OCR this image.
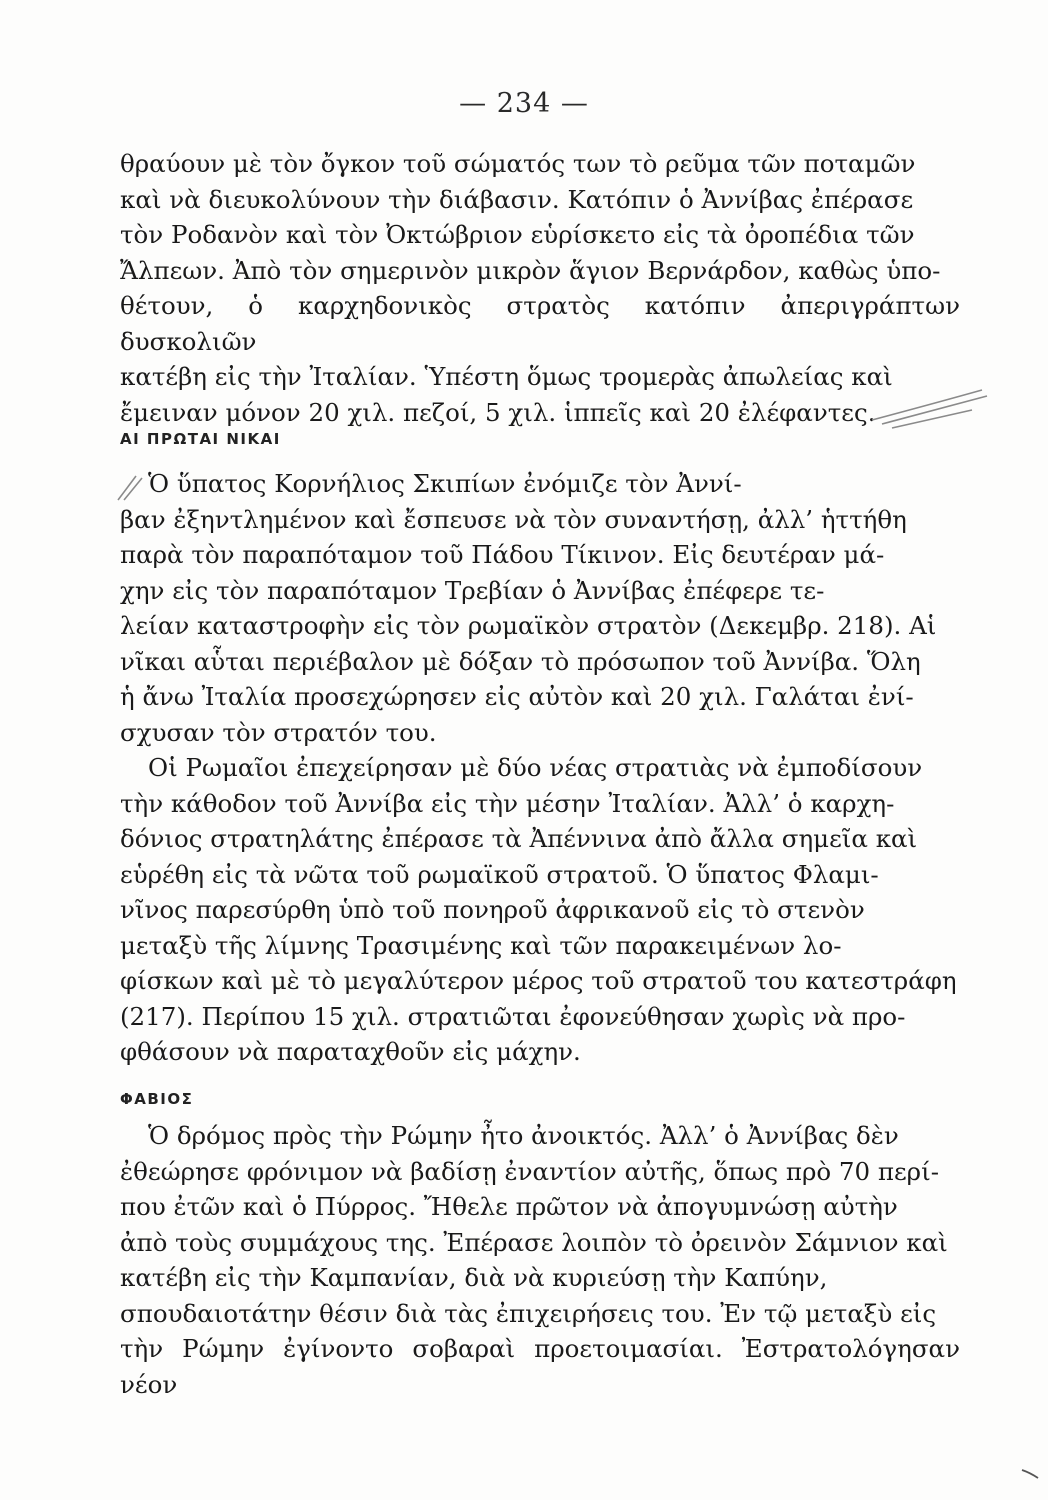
— 234 —

θραύουν μὲ τὸν ὄγκον τοῦ σώματός των τὸ ρεῦμα τῶν ποταμῶν

καὶ νὰ διευκολύνουν τὴν διάβασιν. Κατόπιν ὁ Ἀννίβας ἐπέρασε

τὸν Ροδανὸν καὶ τὸν Ὀκτώβριον εὑρίσκετο εἰς τὰ ὀροπέδια τῶν

Ἄλπεων. Ἀπὸ τὸν σημερινὸν μικρὸν ἅγιον Βερνάρδον, καθὼς ὑπο-

θέτουν, ὁ καρχηδονικὸς στρατὸς κατόπιν ἀπεριγράπτων δυσκολιῶν

κατέβη εἰς τὴν Ἰταλίαν. Ὑπέστη ὅμως τρομερὰς ἀπωλείας καὶ

ἔμειναν μόνον 20 χιλ. πεζοί, 5 χιλ. ἱππεῖς καὶ 20 ἐλέφαντες.

ΑΙ ΠΡΩΤΑΙ ΝΙΚΑΙ

Ὁ ὕπατος Κορνήλιος Σκιπίων ἐνόμιζε τὸν Ἀννί-

βαν ἐξηντλημένον καὶ ἔσπευσε νὰ τὸν συναντήσῃ, ἀλλ’ ἡττήθη

παρὰ τὸν παραπόταμον τοῦ Πάδου Τίκινον. Εἰς δευτέραν μά-

χην εἰς τὸν παραπόταμον Τρεβίαν ὁ Ἀννίβας ἐπέφερε τε-

λείαν καταστροφὴν εἰς τὸν ρωμαϊκὸν στρατὸν (Δεκεμβρ. 218). Αἱ

νῖκαι αὗται περιέβαλον μὲ δόξαν τὸ πρόσωπον τοῦ Ἀννίβα. Ὅλη

ἡ ἄνω Ἰταλία προσεχώρησεν εἰς αὐτὸν καὶ 20 χιλ. Γαλάται ἐνί-

σχυσαν τὸν στρατόν του.

Οἱ Ρωμαῖοι ἐπεχείρησαν μὲ δύο νέας στρατιὰς νὰ ἐμποδίσουν

τὴν κάθοδον τοῦ Ἀννίβα εἰς τὴν μέσην Ἰταλίαν. Ἀλλ’ ὁ καρχη-

δόνιος στρατηλάτης ἐπέρασε τὰ Ἀπέννινα ἀπὸ ἄλλα σημεῖα καὶ

εὑρέθη εἰς τὰ νῶτα τοῦ ρωμαϊκοῦ στρατοῦ. Ὁ ὕπατος Φλαμι-

νῖνος παρεσύρθη ὑπὸ τοῦ πονηροῦ ἀφρικανοῦ εἰς τὸ στενὸν

μεταξὺ τῆς λίμνης Τρασιμένης καὶ τῶν παρακειμένων λο-

φίσκων καὶ μὲ τὸ μεγαλύτερον μέρος τοῦ στρατοῦ του κατεστράφη

(217). Περίπου 15 χιλ. στρατιῶται ἐφονεύθησαν χωρὶς νὰ προ-

φθάσουν νὰ παραταχθοῦν εἰς μάχην.

ΦΑΒΙΟΣ

Ὁ δρόμος πρὸς τὴν Ρώμην ἦτο ἀνοικτός. Ἀλλ’ ὁ Ἀννίβας δὲν

ἐθεώρησε φρόνιμον νὰ βαδίσῃ ἐναντίον αὐτῆς, ὅπως πρὸ 70 περί-

που ἐτῶν καὶ ὁ Πύρρος. Ἤθελε πρῶτον νὰ ἀπογυμνώσῃ αὐτὴν

ἀπὸ τοὺς συμμάχους της. Ἐπέρασε λοιπὸν τὸ ὀρεινὸν Σάμνιον καὶ

κατέβη εἰς τὴν Καμπανίαν, διὰ νὰ κυριεύσῃ τὴν Καπύην,

σπουδαιοτάτην θέσιν διὰ τὰς ἐπιχειρήσεις του. Ἐν τῷ μεταξὺ εἰς

τὴν Ρώμην ἐγίνοντο σοβαραὶ προετοιμασίαι. Ἐστρατολόγησαν νέον
